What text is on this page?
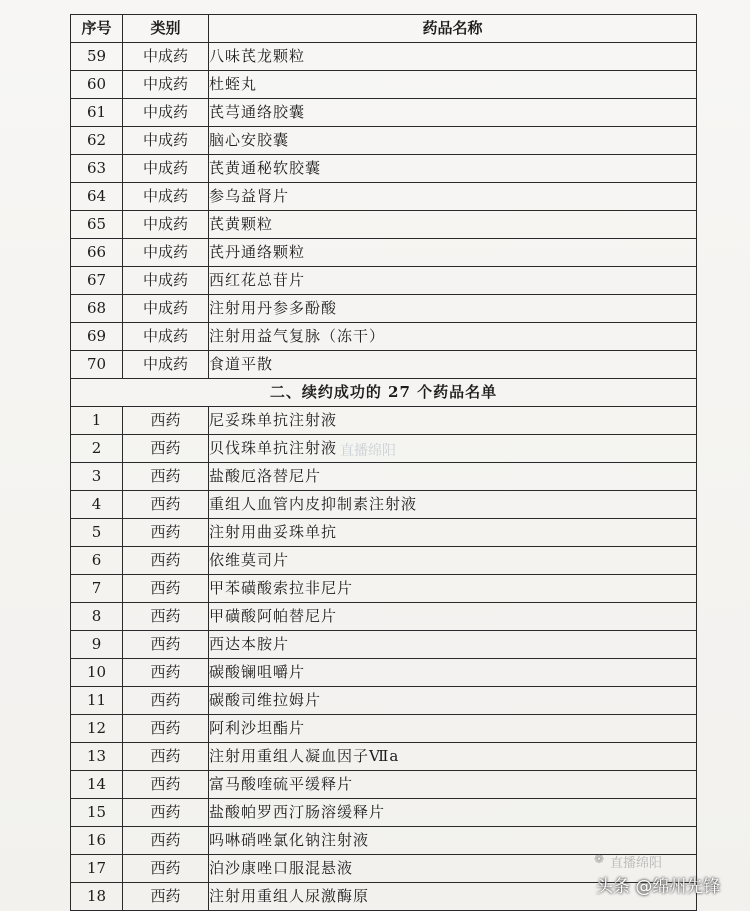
序号	类别	药品名称
59	中成药	八味芪龙颗粒
60	中成药	杜蛭丸
61	中成药	芪芎通络胶囊
62	中成药	脑心安胶囊
63	中成药	芪黄通秘软胶囊
64	中成药	参乌益肾片
65	中成药	芪黄颗粒
66	中成药	芪丹通络颗粒
67	中成药	西红花总苷片
68	中成药	注射用丹参多酚酸
69	中成药	注射用益气复脉（冻干）
70	中成药	食道平散
二、续约成功的 27 个药品名单		
1	西药	尼妥珠单抗注射液
2	西药	贝伐珠单抗注射液
3	西药	盐酸厄洛替尼片
4	西药	重组人血管内皮抑制素注射液
5	西药	注射用曲妥珠单抗
6	西药	依维莫司片
7	西药	甲苯磺酸索拉非尼片
8	西药	甲磺酸阿帕替尼片
9	西药	西达本胺片
10	西药	碳酸镧咀嚼片
11	西药	碳酸司维拉姆片
12	西药	阿利沙坦酯片
13	西药	注射用重组人凝血因子Ⅶa
14	西药	富马酸喹硫平缓释片
15	西药	盐酸帕罗西汀肠溶缓释片
16	西药	吗啉硝唑氯化钠注射液
17	西药	泊沙康唑口服混悬液
18	西药	注射用重组人尿激酶原
直播绵阳
❁ 直播绵阳
头条 @绵州先锋
